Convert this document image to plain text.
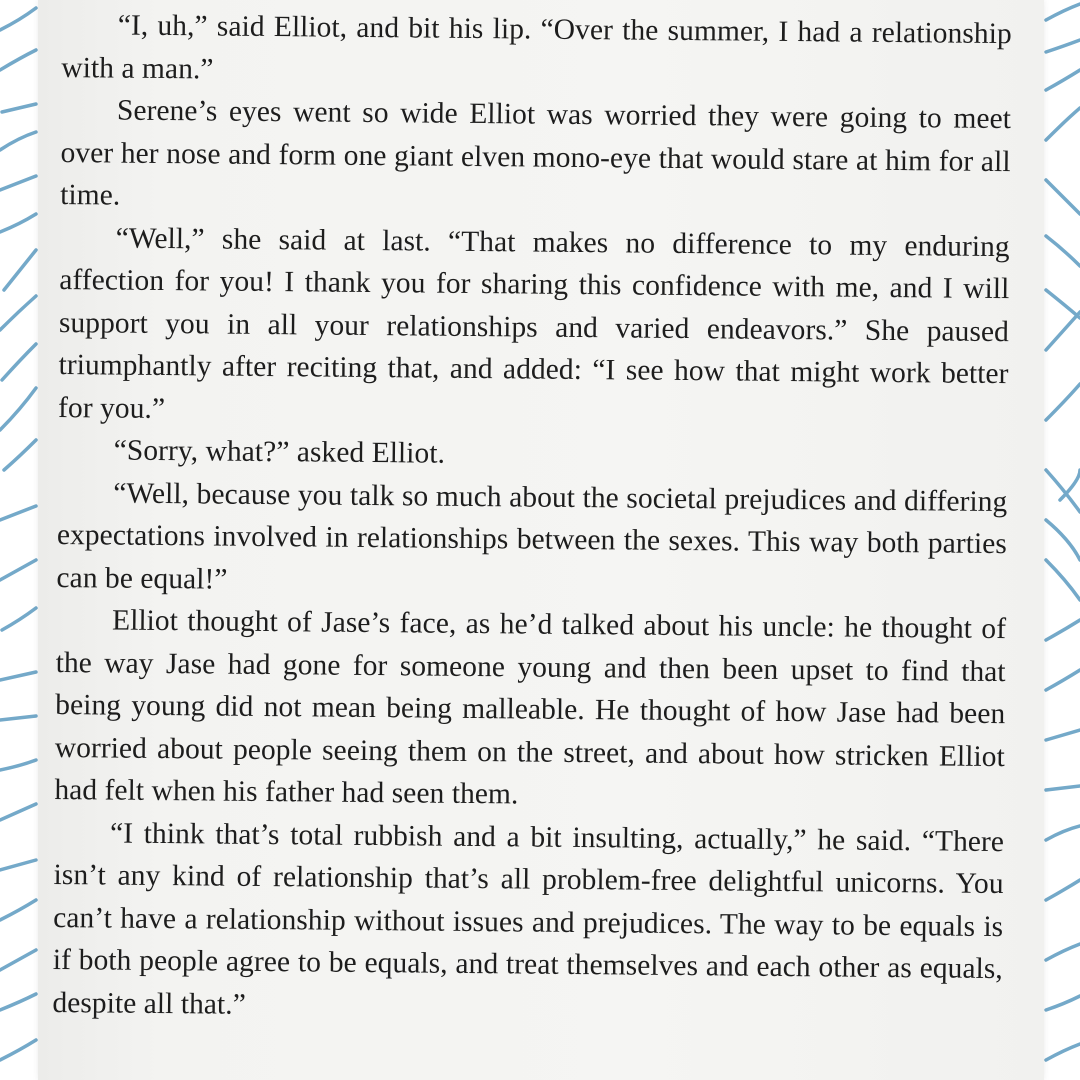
“I, uh,” said Elliot, and bit his lip. “Over the summer, I had a relationship with a man.”

Serene’s eyes went so wide Elliot was worried they were going to meet over her nose and form one giant elven mono-eye that would stare at him for all time.

“Well,” she said at last. “That makes no difference to my enduring affection for you! I thank you for sharing this confidence with me, and I will support you in all your relationships and varied endeavors.” She paused triumphantly after reciting that, and added: “I see how that might work better for you.”

“Sorry, what?” asked Elliot.

“Well, because you talk so much about the societal prejudices and differing expectations involved in relationships between the sexes. This way both parties can be equal!”

Elliot thought of Jase’s face, as he’d talked about his uncle: he thought of the way Jase had gone for someone young and then been upset to find that being young did not mean being malleable. He thought of how Jase had been worried about people seeing them on the street, and about how stricken Elliot had felt when his father had seen them.

“I think that’s total rubbish and a bit insulting, actually,” he said. “There isn’t any kind of relationship that’s all problem-free delightful unicorns. You can’t have a relationship without issues and prejudices. The way to be equals is if both people agree to be equals, and treat themselves and each other as equals, despite all that.”
